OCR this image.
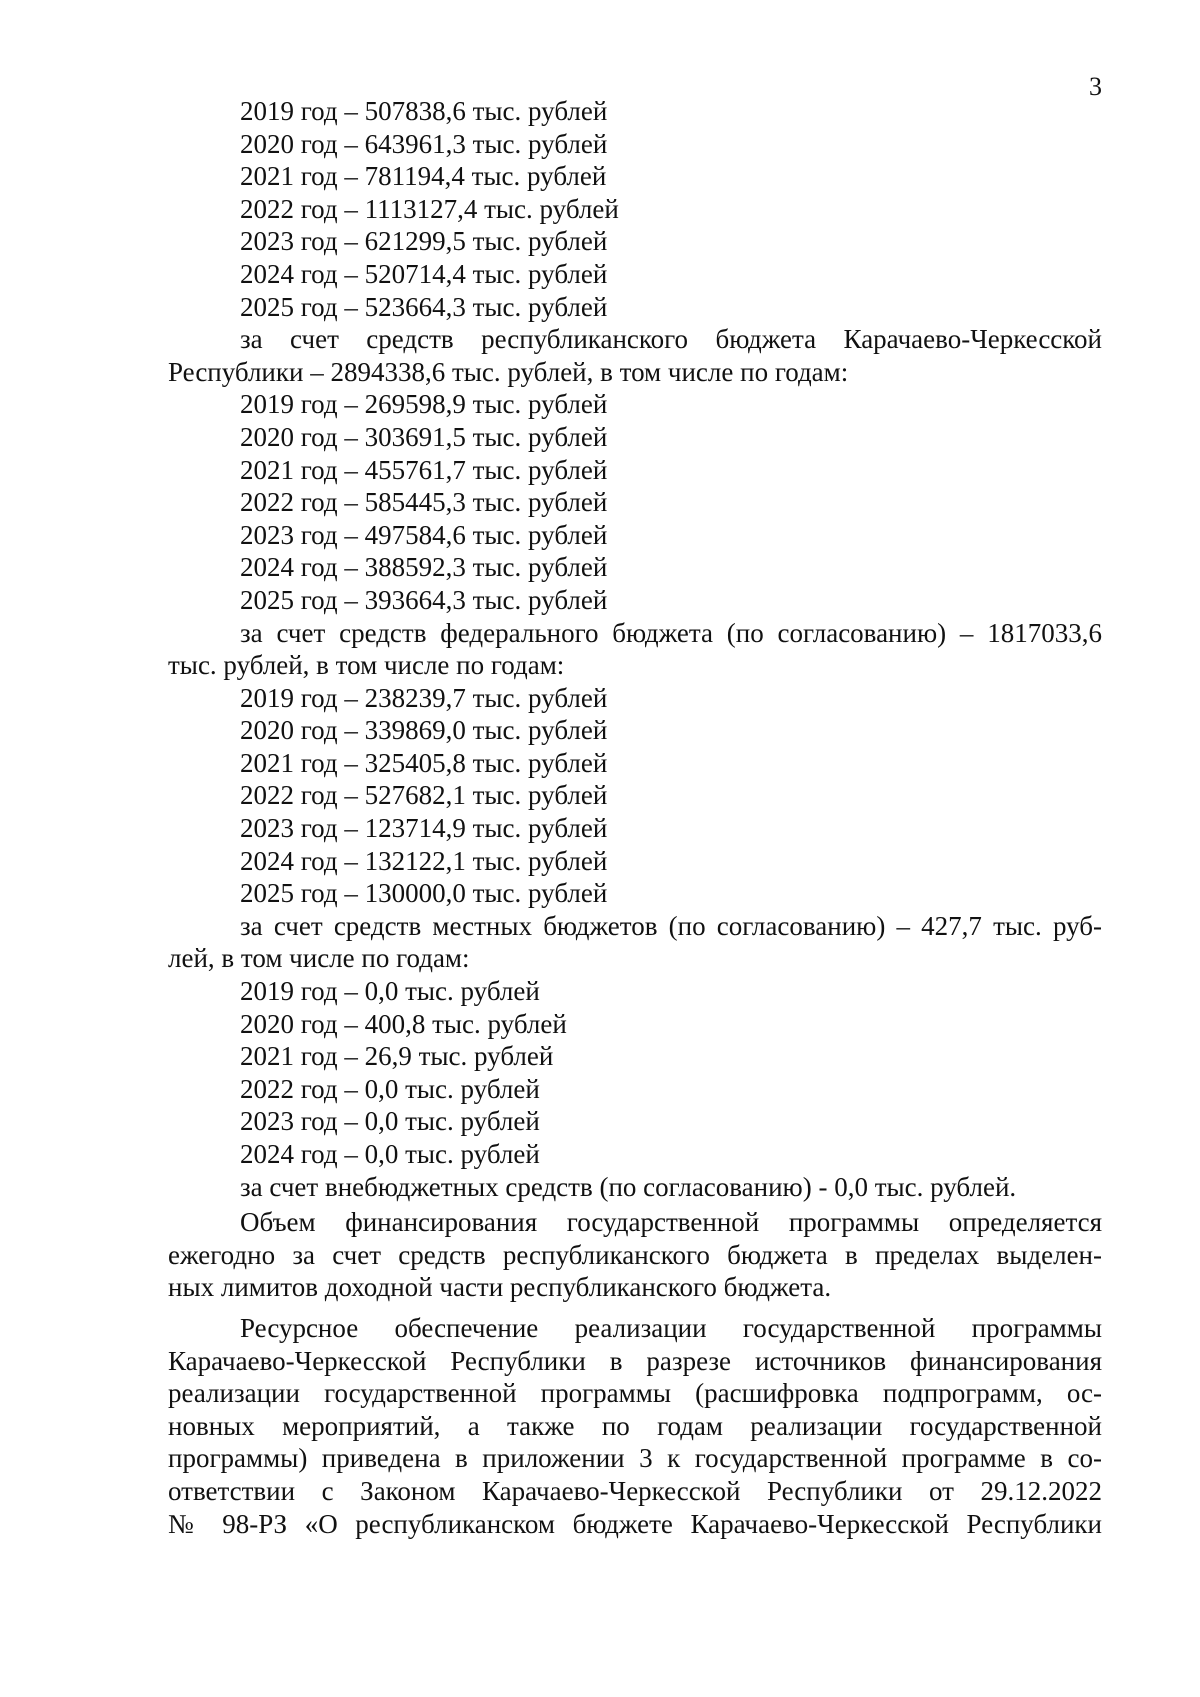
3
2019 год – 507838,6 тыс. рублей
2020 год – 643961,3 тыс. рублей
2021 год – 781194,4 тыс. рублей
2022 год – 1113127,4 тыс. рублей
2023 год – 621299,5 тыс. рублей
2024 год – 520714,4 тыс. рублей
2025 год – 523664,3 тыс. рублей
за счет средств республиканского бюджета Карачаево-Черкесской
Республики – 2894338,6 тыс. рублей, в том числе по годам:
2019 год – 269598,9 тыс. рублей
2020 год – 303691,5 тыс. рублей
2021 год – 455761,7 тыс. рублей
2022 год – 585445,3 тыс. рублей
2023 год – 497584,6 тыс. рублей
2024 год – 388592,3 тыс. рублей
2025 год – 393664,3 тыс. рублей
за счет средств федерального бюджета (по согласованию) – 1817033,6
тыс. рублей, в том числе по годам:
2019 год – 238239,7 тыс. рублей
2020 год – 339869,0 тыс. рублей
2021 год – 325405,8 тыс. рублей
2022 год – 527682,1 тыс. рублей
2023 год – 123714,9 тыс. рублей
2024 год – 132122,1 тыс. рублей
2025 год – 130000,0 тыс. рублей
за счет средств местных бюджетов (по согласованию) – 427,7 тыс. руб-
лей, в том числе по годам:
2019 год – 0,0 тыс. рублей
2020 год – 400,8 тыс. рублей
2021 год – 26,9 тыс. рублей
2022 год – 0,0 тыс. рублей
2023 год – 0,0 тыс. рублей
2024 год – 0,0 тыс. рублей
за счет внебюджетных средств (по согласованию) - 0,0 тыс. рублей.
Объем финансирования государственной программы определяется
ежегодно за счет средств республиканского бюджета в пределах выделен-
ных лимитов доходной части республиканского бюджета.
Ресурсное обеспечение реализации государственной программы
Карачаево-Черкесской Республики в разрезе источников финансирования
реализации государственной программы (расшифровка подпрограмм, ос-
новных мероприятий, а также по годам реализации государственной
программы) приведена в приложении 3 к государственной программе в со-
ответствии с Законом Карачаево-Черкесской Республики от 29.12.2022
№ 98-РЗ «О республиканском бюджете Карачаево-Черкесской Республики
